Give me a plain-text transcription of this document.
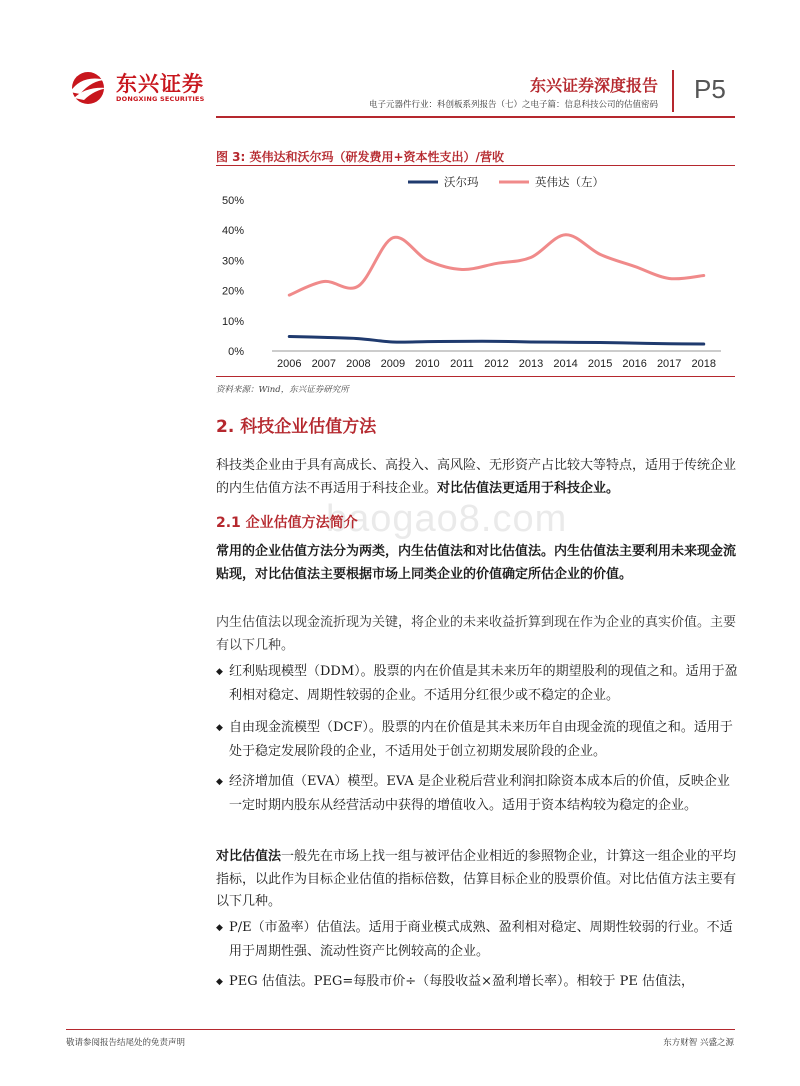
东兴证券
DONGXING SECURITIES
东兴证券深度报告
电子元器件行业：科创板系列报告（七）之电子篇：信息科技公司的估值密码
P5
图 3: 英伟达和沃尔玛（研发费用+资本性支出）/营收
0%
10%
20%
30%
40%
50%
2006 2007 2008 2009 2010 2011 2012 2013 2014 2015 2016 2017 2018
沃尔玛	英伟达（左）
资料来源：Wind，东兴证券研究所
2. 科技企业估值方法
科技类企业由于具有高成长、高投入、高风险、无形资产占比较大等特点，适用于传统企业的内生估值方法不再适用于科技企业。对比估值法更适用于科技企业。
baogao8.com
2.1 企业估值方法简介
常用的企业估值方法分为两类，内生估值法和对比估值法。内生估值法主要利用未来现金流贴现，对比估值法主要根据市场上同类企业的价值确定所估企业的价值。
内生估值法以现金流折现为关键，将企业的未来收益折算到现在作为企业的真实价值。主要有以下几种。
◆ 红利贴现模型（DDM）。股票的内在价值是其未来历年的期望股利的现值之和。适用于盈利相对稳定、周期性较弱的企业。不适用分红很少或不稳定的企业。
◆ 自由现金流模型（DCF）。股票的内在价值是其未来历年自由现金流的现值之和。适用于处于稳定发展阶段的企业，不适用处于创立初期发展阶段的企业。
◆ 经济增加值（EVA）模型。EVA 是企业税后营业利润扣除资本成本后的价值，反映企业一定时期内股东从经营活动中获得的增值收入。适用于资本结构较为稳定的企业。
对比估值法一般先在市场上找一组与被评估企业相近的参照物企业，计算这一组企业的平均指标，以此作为目标企业估值的指标倍数，估算目标企业的股票价值。对比估值方法主要有以下几种。
◆ P/E（市盈率）估值法。适用于商业模式成熟、盈利相对稳定、周期性较弱的行业。不适用于周期性强、流动性资产比例较高的企业。
◆ PEG 估值法。PEG=每股市价÷（每股收益×盈利增长率）。相较于 PE 估值法，
敬请参阅报告结尾处的免责声明	东方财智 兴盛之源
